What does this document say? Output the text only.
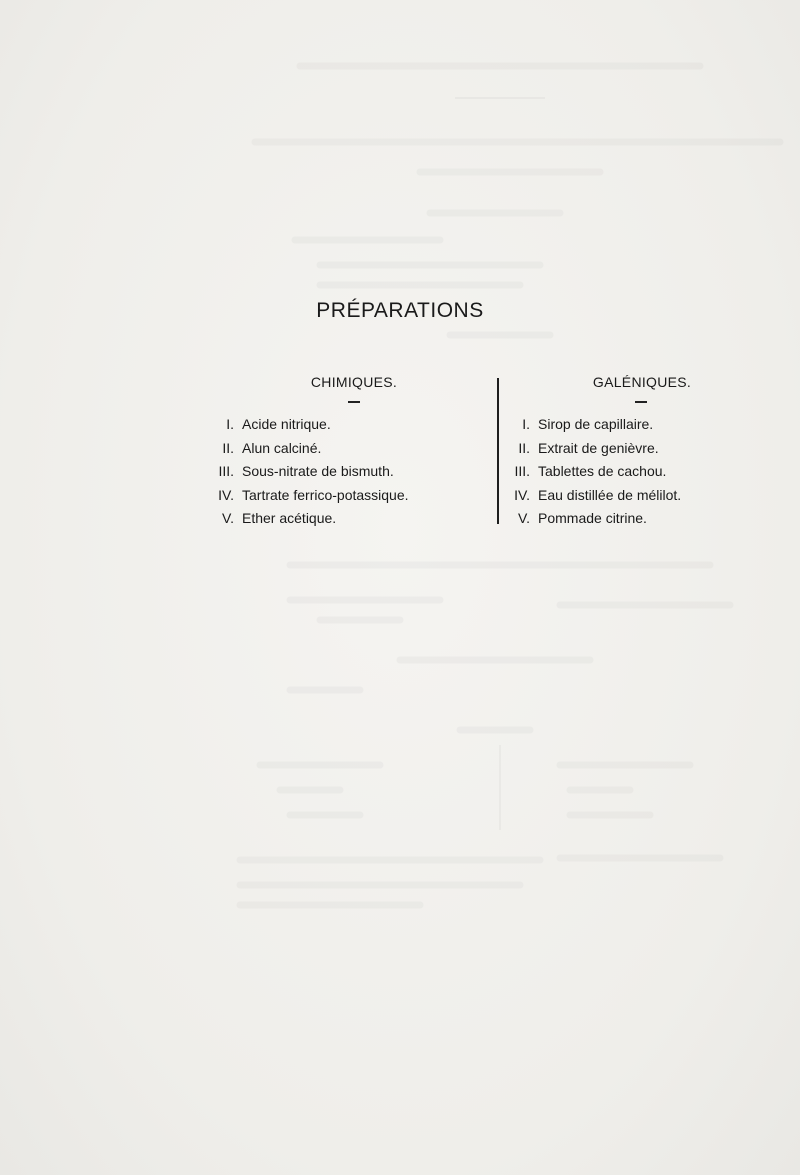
PRÉPARATIONS
CHIMIQUES.	GALÉNIQUES.
I. Acide nitrique.
II. Alun calciné.
III. Sous-nitrate de bismuth.
IV. Tartrate ferrico-potassique.
V. Ether acétique.
I. Sirop de capillaire.
II. Extrait de genièvre.
III. Tablettes de cachou.
IV. Eau distillée de mélilot.
V. Pommade citrine.
